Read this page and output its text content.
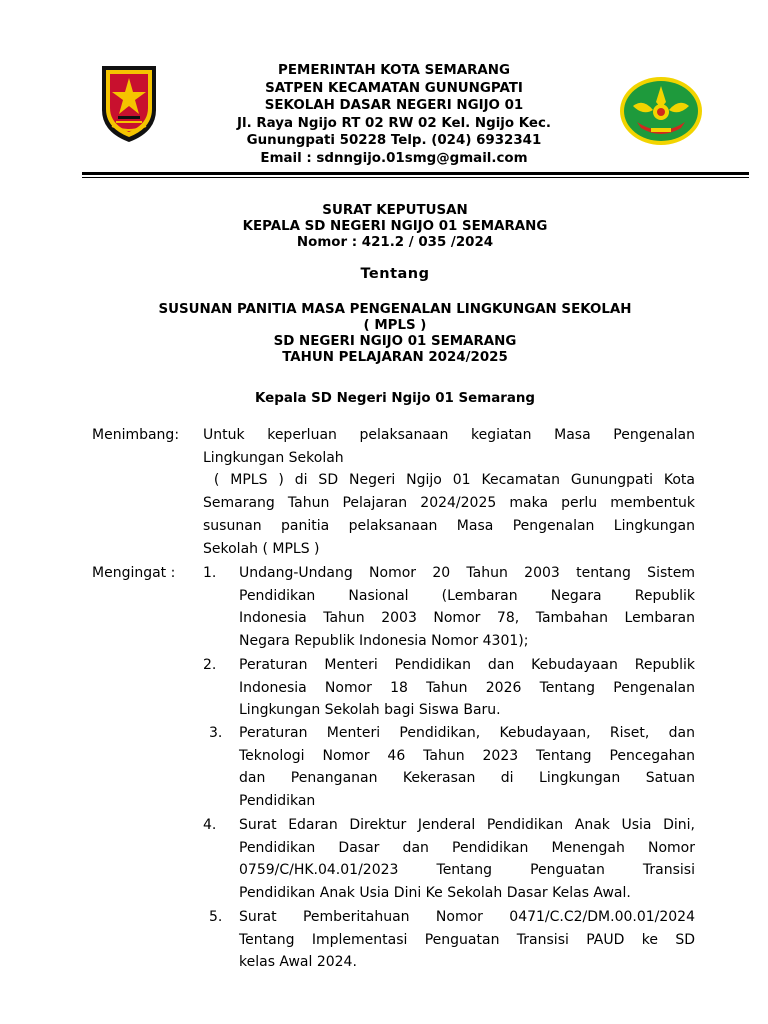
PEMERINTAH KOTA SEMARANG
SATPEN KECAMATAN GUNUNGPATI
SEKOLAH DASAR NEGERI NGIJO 01
Jl. Raya Ngijo RT 02 RW 02 Kel. Ngijo Kec.
Gunungpati 50228 Telp. (024) 6932341
Email : sdnngijo.01smg@gmail.com
SURAT KEPUTUSAN
KEPALA SD NEGERI NGIJO 01 SEMARANG
Nomor : 421.2 / 035 /2024
Tentang
SUSUNAN PANITIA MASA PENGENALAN LINGKUNGAN SEKOLAH
( MPLS )
SD NEGERI NGIJO 01 SEMARANG
TAHUN PELAJARAN 2024/2025
Kepala SD Negeri Ngijo 01 Semarang
Menimbang: Untuk keperluan pelaksanaan kegiatan Masa Pengenalan
Lingkungan Sekolah
( MPLS ) di SD Negeri Ngijo 01 Kecamatan Gunungpati Kota
Semarang Tahun Pelajaran 2024/2025 maka perlu membentuk
susunan panitia pelaksanaan Masa Pengenalan Lingkungan
Sekolah ( MPLS )
Mengingat : 1. Undang-Undang Nomor 20 Tahun 2003 tentang Sistem
Pendidikan Nasional (Lembaran Negara Republik
Indonesia Tahun 2003 Nomor 78, Tambahan Lembaran
Negara Republik Indonesia Nomor 4301);
2. Peraturan Menteri Pendidikan dan Kebudayaan Republik
Indonesia Nomor 18 Tahun 2026 Tentang Pengenalan
Lingkungan Sekolah bagi Siswa Baru.
3. Peraturan Menteri Pendidikan, Kebudayaan, Riset, dan
Teknologi Nomor 46 Tahun 2023 Tentang Pencegahan
dan Penanganan Kekerasan di Lingkungan Satuan
Pendidikan
4. Surat Edaran Direktur Jenderal Pendidikan Anak Usia Dini,
Pendidikan Dasar dan Pendidikan Menengah Nomor
0759/C/HK.04.01/2023 Tentang Penguatan Transisi
Pendidikan Anak Usia Dini Ke Sekolah Dasar Kelas Awal.
5. Surat Pemberitahuan Nomor 0471/C.C2/DM.00.01/2024
Tentang Implementasi Penguatan Transisi PAUD ke SD
kelas Awal 2024.
